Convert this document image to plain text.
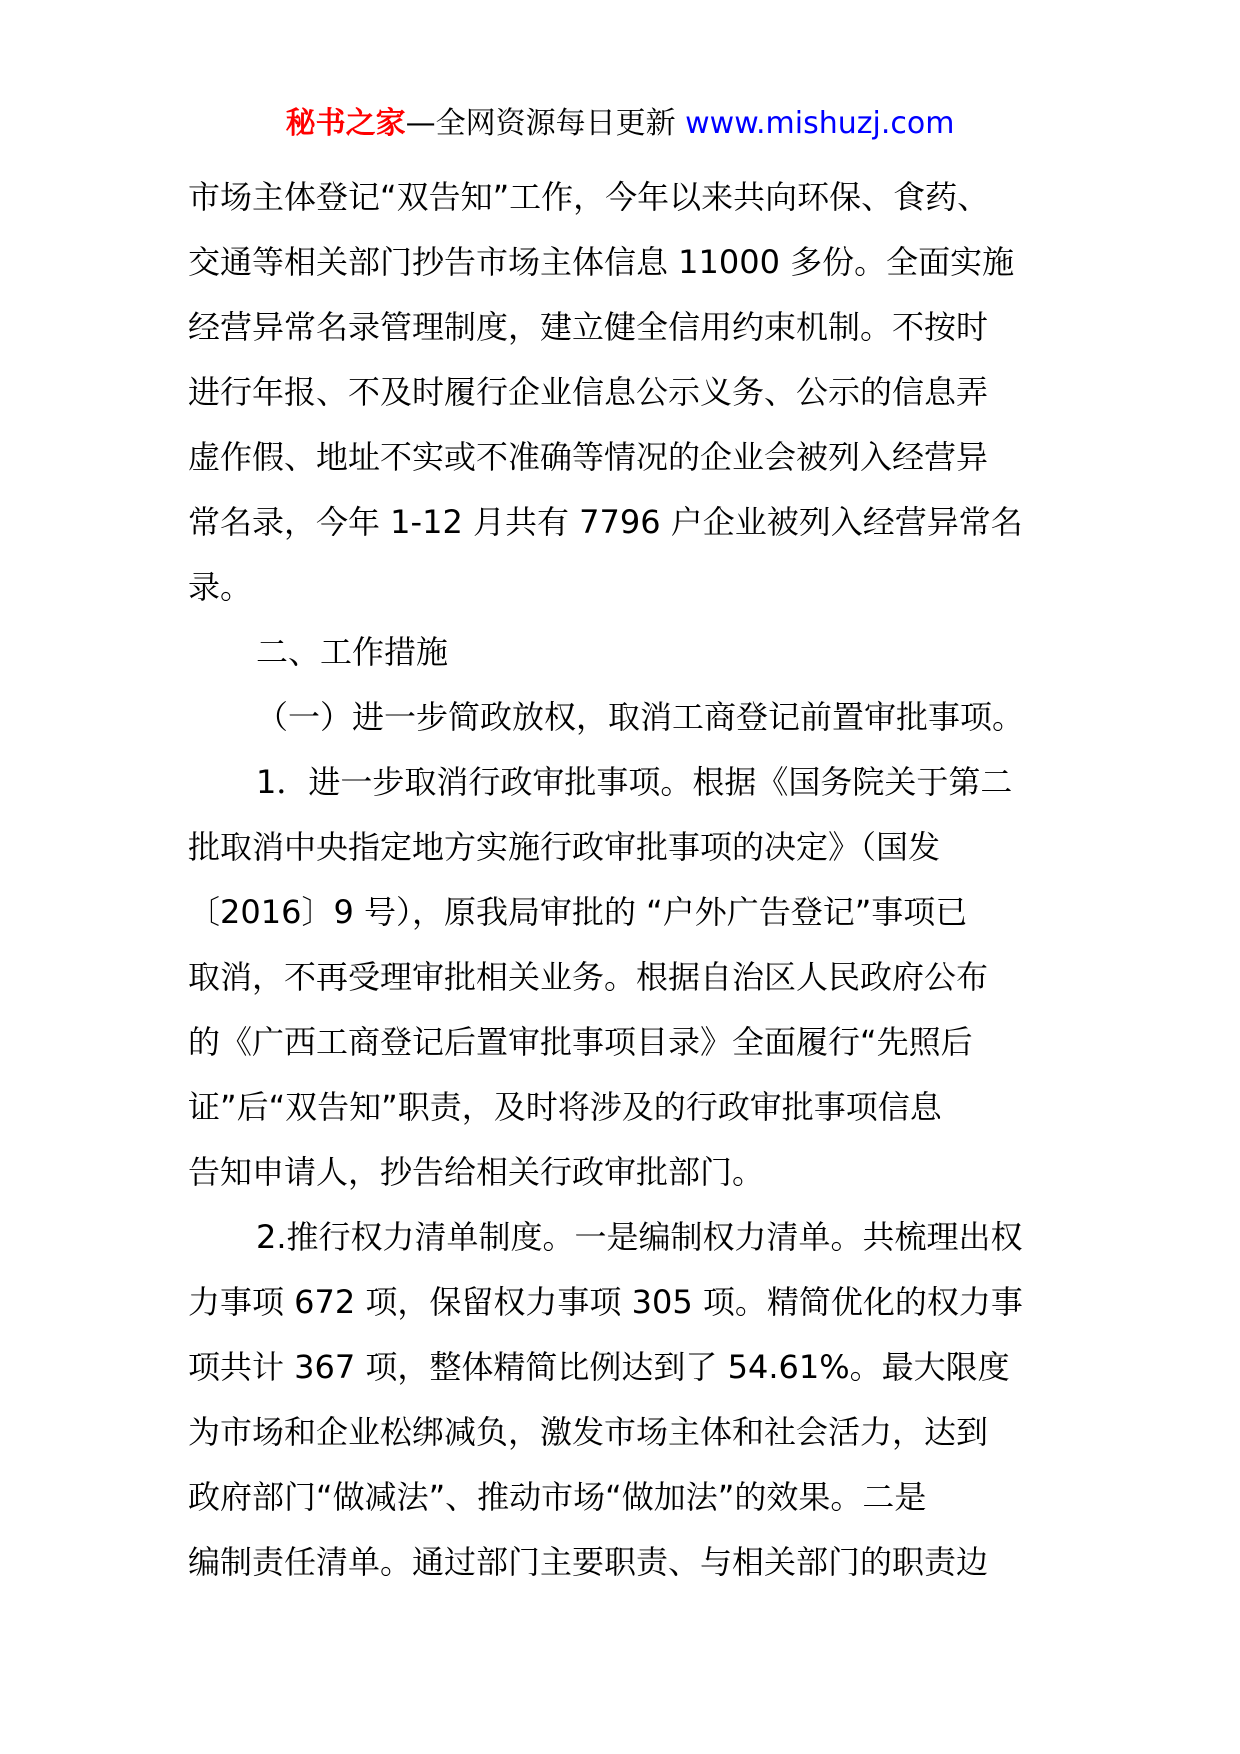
秘书之家—全网资源每日更新 www.mishuzj.com
市场主体登记“双告知”工作，今年以来共向环保、食药、
交通等相关部门抄告市场主体信息 11000 多份。全面实施
经营异常名录管理制度，建立健全信用约束机制。不按时
进行年报、不及时履行企业信息公示义务、公示的信息弄
虚作假、地址不实或不准确等情况的企业会被列入经营异
常名录，今年 1-12 月共有 7796 户企业被列入经营异常名
录。
二、工作措施
（一）进一步简政放权，取消工商登记前置审批事项。
1．进一步取消行政审批事项。根据《国务院关于第二
批取消中央指定地方实施行政审批事项的决定》（国发
〔2016〕9 号），原我局审批的 “户外广告登记”事项已
取消，不再受理审批相关业务。根据自治区人民政府公布
的《广西工商登记后置审批事项目录》全面履行“先照后
证”后“双告知”职责，及时将涉及的行政审批事项信息
告知申请人，抄告给相关行政审批部门。
2.推行权力清单制度。一是编制权力清单。共梳理出权
力事项 672 项，保留权力事项 305 项。精简优化的权力事
项共计 367 项，整体精简比例达到了 54.61%。最大限度
为市场和企业松绑减负，激发市场主体和社会活力，达到
政府部门“做减法”、推动市场“做加法”的效果。二是
编制责任清单。通过部门主要职责、与相关部门的职责边
